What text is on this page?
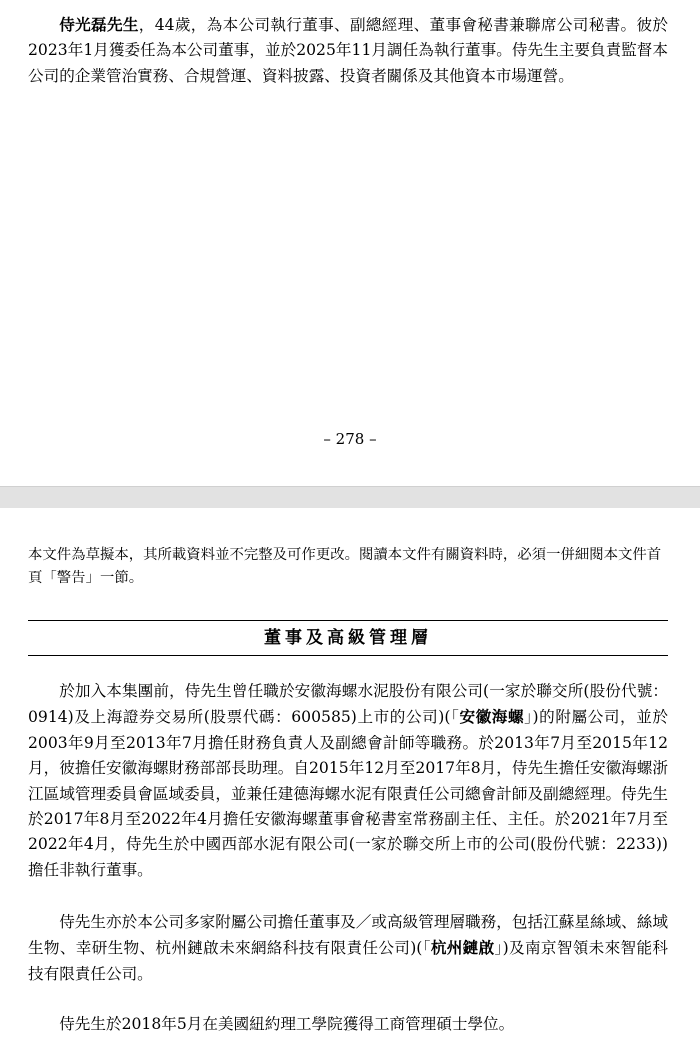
侍光磊先生，44歲，為本公司執行董事、副總經理、董事會秘書兼聯席公司秘書。彼於2023年1月獲委任為本公司董事，並於2025年11月調任為執行董事。侍先生主要負責監督本公司的企業管治實務、合規營運、資料披露、投資者關係及其他資本市場運營。
– 278 –
本文件為草擬本，其所載資料並不完整及可作更改。閱讀本文件有關資料時，必須一併細閱本文件首頁「警告」一節。
董事及高級管理層
於加入本集團前，侍先生曾任職於安徽海螺水泥股份有限公司(一家於聯交所(股份代號：0914)及上海證券交易所(股票代碼：600585)上市的公司)(「安徽海螺」)的附屬公司，並於2003年9月至2013年7月擔任財務負責人及副總會計師等職務。於2013年7月至2015年12月，彼擔任安徽海螺財務部部長助理。自2015年12月至2017年8月，侍先生擔任安徽海螺浙江區域管理委員會區域委員，並兼任建德海螺水泥有限責任公司總會計師及副總經理。侍先生於2017年8月至2022年4月擔任安徽海螺董事會秘書室常務副主任、主任。於2021年7月至2022年4月，侍先生於中國西部水泥有限公司(一家於聯交所上市的公司(股份代號：2233))擔任非執行董事。
侍先生亦於本公司多家附屬公司擔任董事及／或高級管理層職務，包括江蘇星絲域、絲域生物、幸研生物、杭州鏈啟未來網絡科技有限責任公司)(「杭州鏈啟」)及南京智領未來智能科技有限責任公司。
侍先生於2018年5月在美國紐約理工學院獲得工商管理碩士學位。
